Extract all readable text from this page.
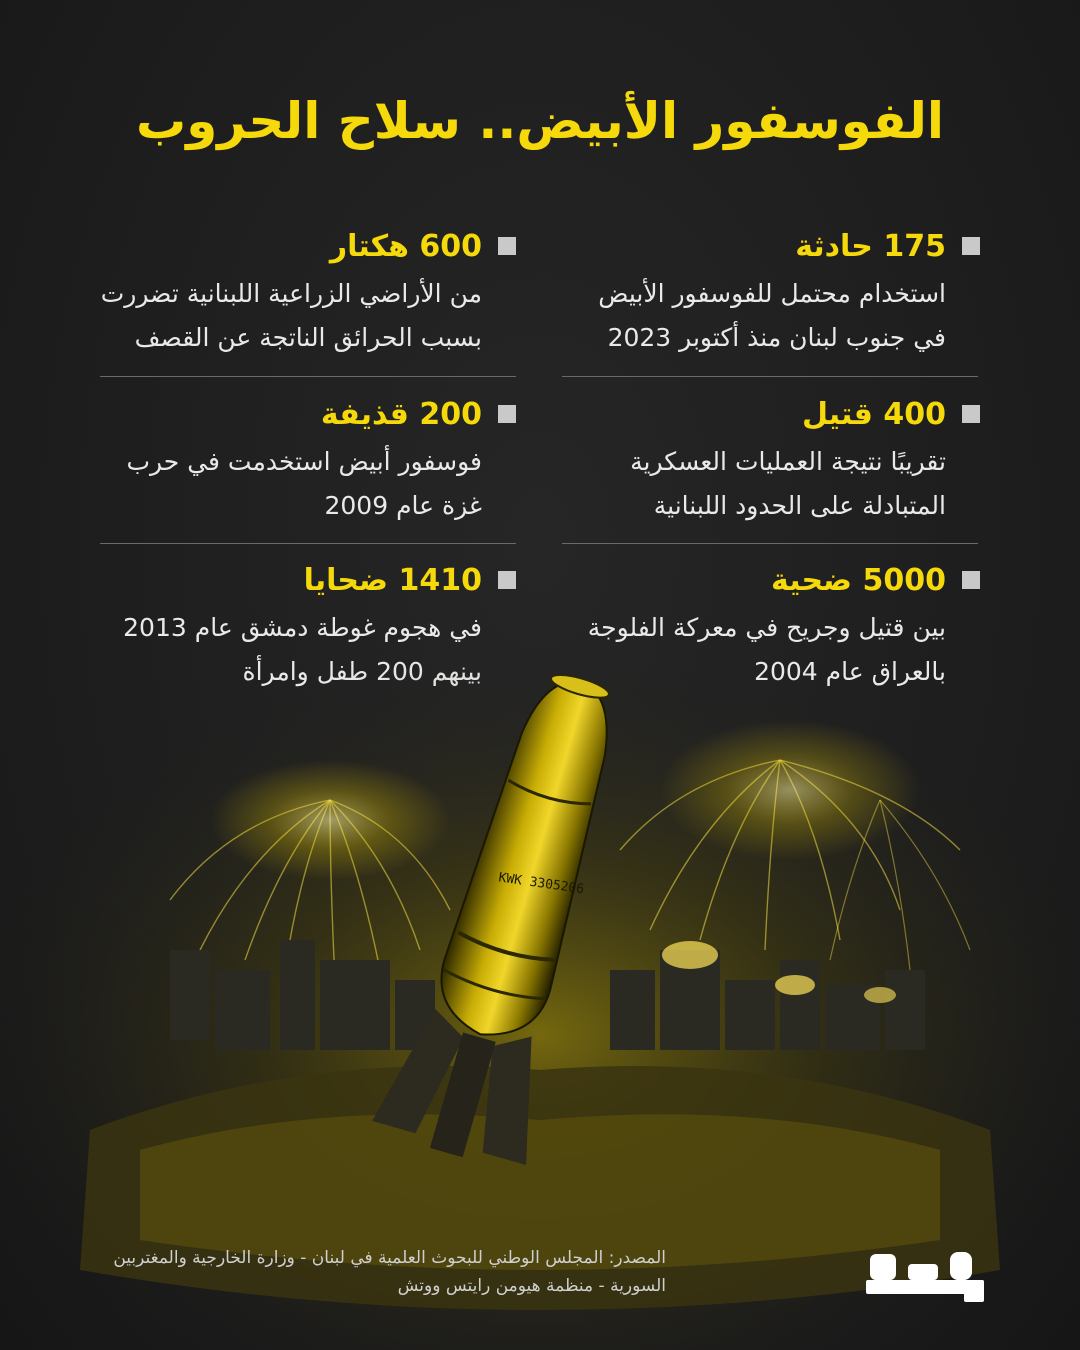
الفوسفور الأبيض.. سلاح الحروب
175 حادثة
استخدام محتمل للفوسفور الأبيض
في جنوب لبنان منذ أكتوبر 2023
400 قتيل
تقريبًا نتيجة العمليات العسكرية
المتبادلة على الحدود اللبنانية
5000 ضحية
بين قتيل وجريح في معركة الفلوجة
600 هكتار
من الأراضي الزراعية اللبنانية تضررت
بسبب الحرائق الناتجة عن القصف
200 قذيفة
فوسفور أبيض استخدمت في حرب
غزة عام 2009
1410 ضحايا
في هجوم غوطة دمشق عام 2013
KWK 3305206
المصدر: المجلس الوطني للبحوث العلمية في لبنان - وزارة الخارجية والمغتربين
السورية - منظمة هيومن رايتس ووتش
